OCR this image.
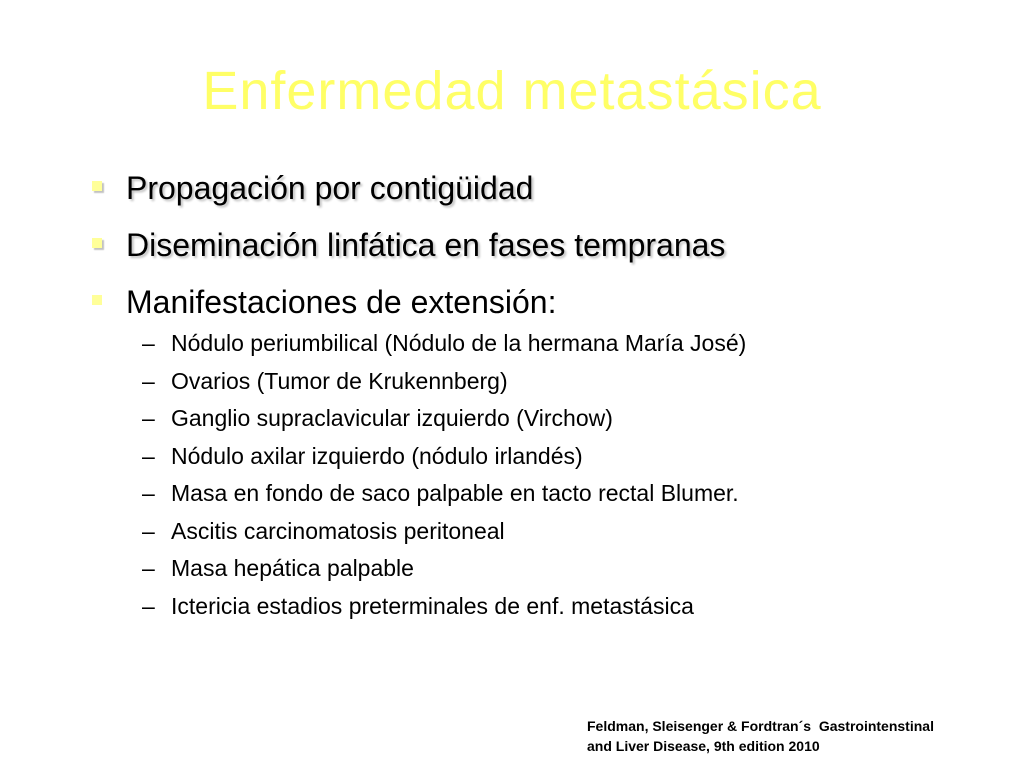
Enfermedad metastásica
Propagación por contigüidad
Diseminación linfática en fases tempranas
Manifestaciones de extensión:
– Nódulo periumbilical (Nódulo de la hermana María José)
– Ovarios (Tumor de Krukennberg)
– Ganglio supraclavicular izquierdo (Virchow)
– Nódulo axilar izquierdo (nódulo irlandés)
– Masa en fondo de saco palpable en tacto rectal Blumer.
– Ascitis carcinomatosis peritoneal
– Masa hepática palpable
– Ictericia estadios preterminales de enf. metastásica
Feldman, Sleisenger & Fordtran´s  Gastrointenstinal
and Liver Disease, 9th edition 2010
